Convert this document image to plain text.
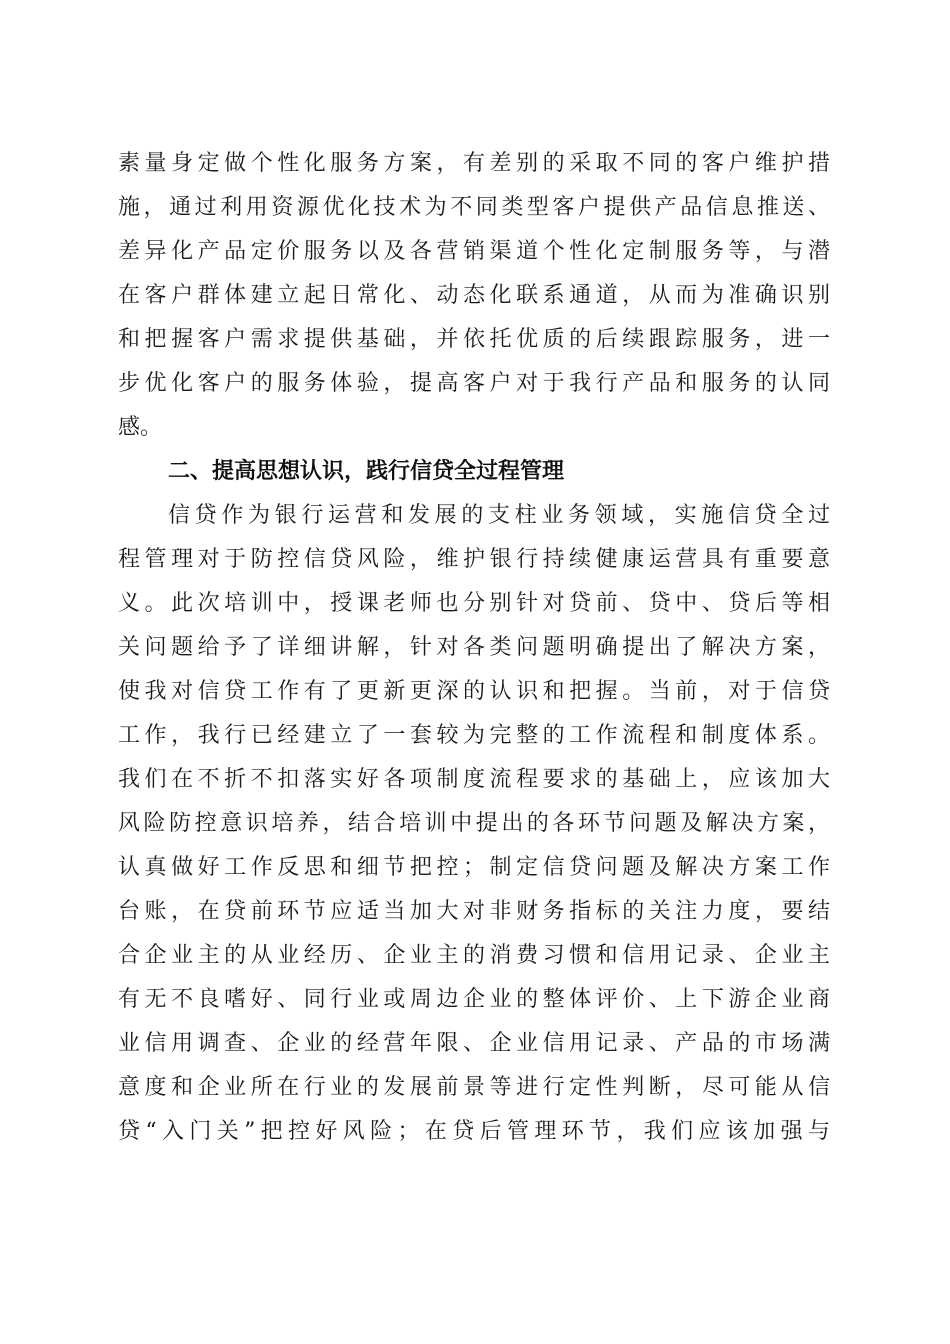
素量身定做个性化服务方案，有差别的采取不同的客户维护措
施，通过利用资源优化技术为不同类型客户提供产品信息推送、
差异化产品定价服务以及各营销渠道个性化定制服务等，与潜
在客户群体建立起日常化、动态化联系通道，从而为准确识别
和把握客户需求提供基础，并依托优质的后续跟踪服务，进一
步优化客户的服务体验，提高客户对于我行产品和服务的认同
感。
二、提高思想认识，践行信贷全过程管理
信贷作为银行运营和发展的支柱业务领域，实施信贷全过
程管理对于防控信贷风险，维护银行持续健康运营具有重要意
义。此次培训中，授课老师也分别针对贷前、贷中、贷后等相
关问题给予了详细讲解，针对各类问题明确提出了解决方案，
使我对信贷工作有了更新更深的认识和把握。当前，对于信贷
工作，我行已经建立了一套较为完整的工作流程和制度体系。
我们在不折不扣落实好各项制度流程要求的基础上，应该加大
风险防控意识培养，结合培训中提出的各环节问题及解决方案，
认真做好工作反思和细节把控；制定信贷问题及解决方案工作
台账，在贷前环节应适当加大对非财务指标的关注力度，要结
合企业主的从业经历、企业主的消费习惯和信用记录、企业主
有无不良嗜好、同行业或周边企业的整体评价、上下游企业商
业信用调查、企业的经营年限、企业信用记录、产品的市场满
意度和企业所在行业的发展前景等进行定性判断，尽可能从信
贷“入门关”把控好风险；在贷后管理环节，我们应该加强与
